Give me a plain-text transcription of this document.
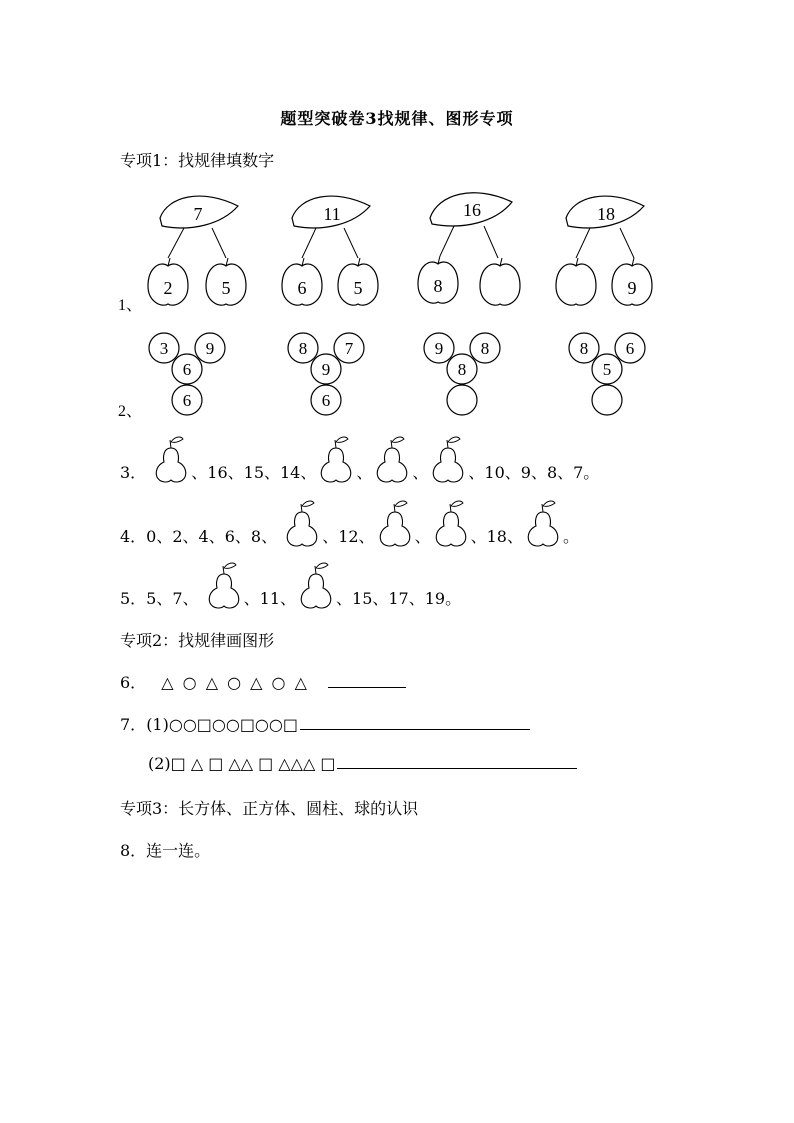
题型突破卷3找规律、图形专项
专项1：找规律填数字
1、
7
2	5
11
6	5
16
8
18
9
2、
3 9
6
6
8 7
9
6
9 8
8
8 6
5
3．	、16、15、14、	、	、	、10、9、8、7。
4．0、2、4、6、8、	、12、	、	、18、	。
5．5、7、	、11、	、15、17、19。
专项2：找规律画图形
6． △ ○ △ ○ △ ○ △
7．(1)○○□○○□○○□
(2)□ △ □ △△ □ △△△ □
专项3：长方体、正方体、圆柱、球的认识
8．连一连。
